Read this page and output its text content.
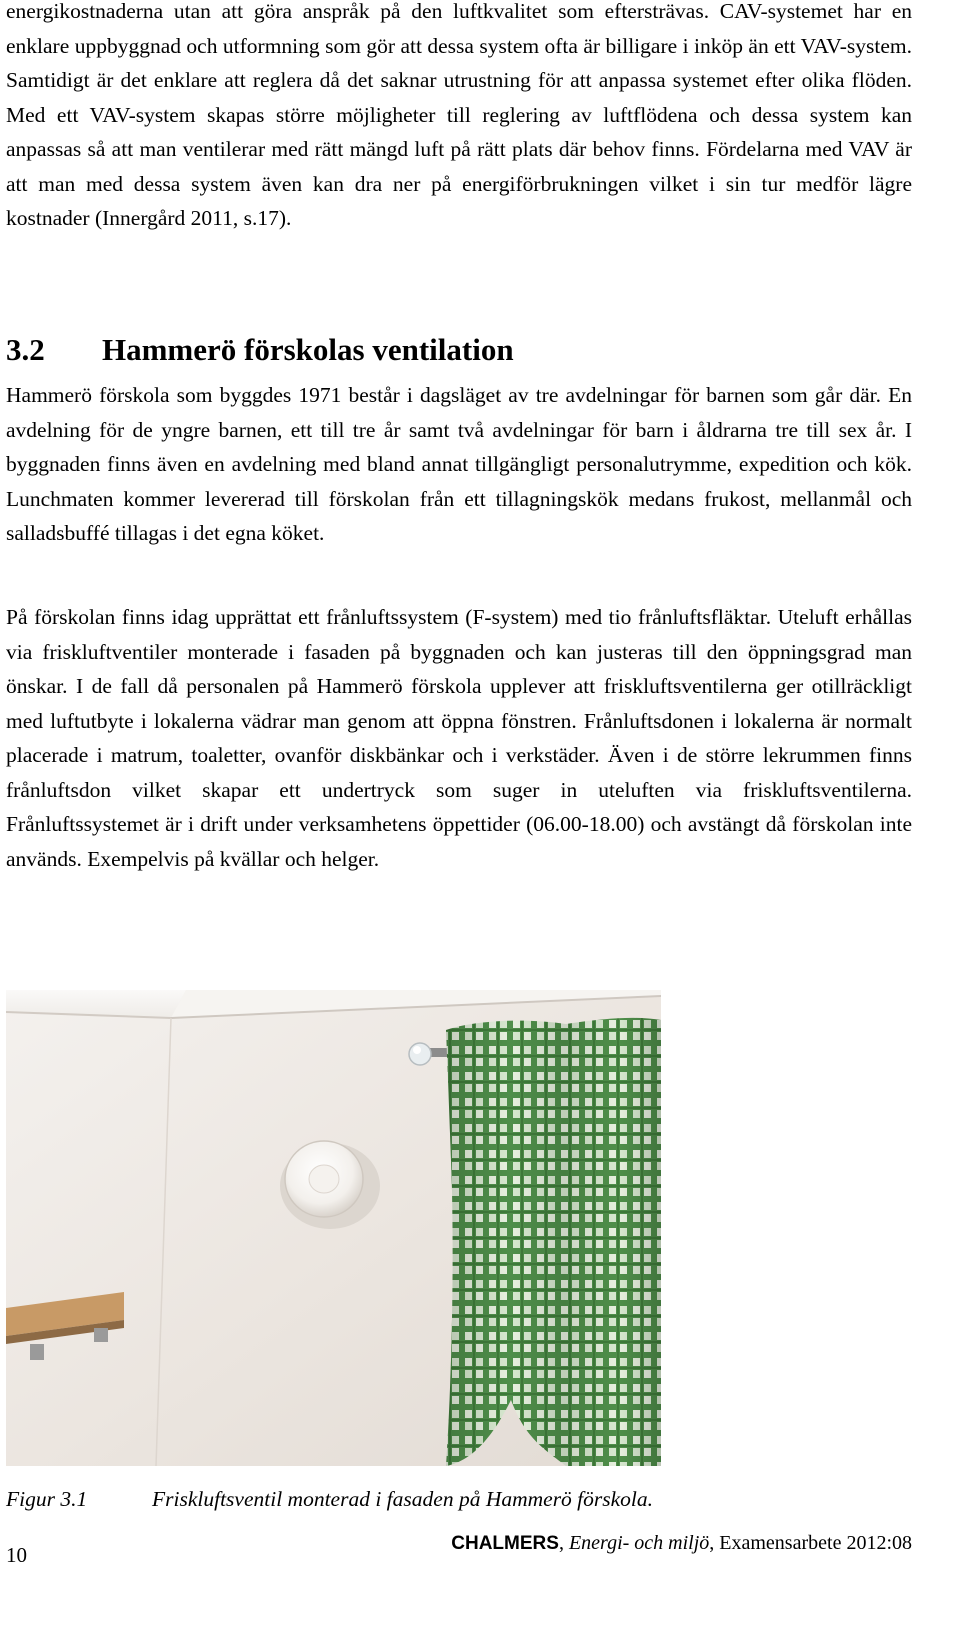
energikostnaderna utan att göra anspråk på den luftkvalitet som eftersträvas. CAV-systemet har en enklare uppbyggnad och utformning som gör att dessa system ofta är billigare i inköp än ett VAV-system. Samtidigt är det enklare att reglera då det saknar utrustning för att anpassa systemet efter olika flöden. Med ett VAV-system skapas större möjligheter till reglering av luftflödena och dessa system kan anpassas så att man ventilerar med rätt mängd luft på rätt plats där behov finns. Fördelarna med VAV är att man med dessa system även kan dra ner på energiförbrukningen vilket i sin tur medför lägre kostnader (Innergård 2011, s.17).

3.2 Hammerö förskolas ventilation

Hammerö förskola som byggdes 1971 består i dagsläget av tre avdelningar för barnen som går där. En avdelning för de yngre barnen, ett till tre år samt två avdelningar för barn i åldrarna tre till sex år. I byggnaden finns även en avdelning med bland annat tillgängligt personalutrymme, expedition och kök. Lunchmaten kommer levererad till förskolan från ett tillagningskök medans frukost, mellanmål och salladsbuffé tillagas i det egna köket.

På förskolan finns idag upprättat ett frånluftssystem (F-system) med tio frånluftsfläktar. Uteluft erhållas via friskluftventiler monterade i fasaden på byggnaden och kan justeras till den öppningsgrad man önskar. I de fall då personalen på Hammerö förskola upplever att friskluftsventilerna ger otillräckligt med luftutbyte i lokalerna vädrar man genom att öppna fönstren. Frånluftsdonen i lokalerna är normalt placerade i matrum, toaletter, ovanför diskbänkar och i verkstäder. Även i de större lekrummen finns frånluftsdon vilket skapar ett undertryck som suger in uteluften via friskluftsventilerna. Frånluftssystemet är i drift under verksamhetens öppettider (06.00-18.00) och avstängt då förskolan inte används. Exempelvis på kvällar och helger.

Figur 3.1	Friskluftsventil monterad i fasaden på Hammerö förskola.
10	CHALMERS, Energi- och miljö, Examensarbete 2012:08
